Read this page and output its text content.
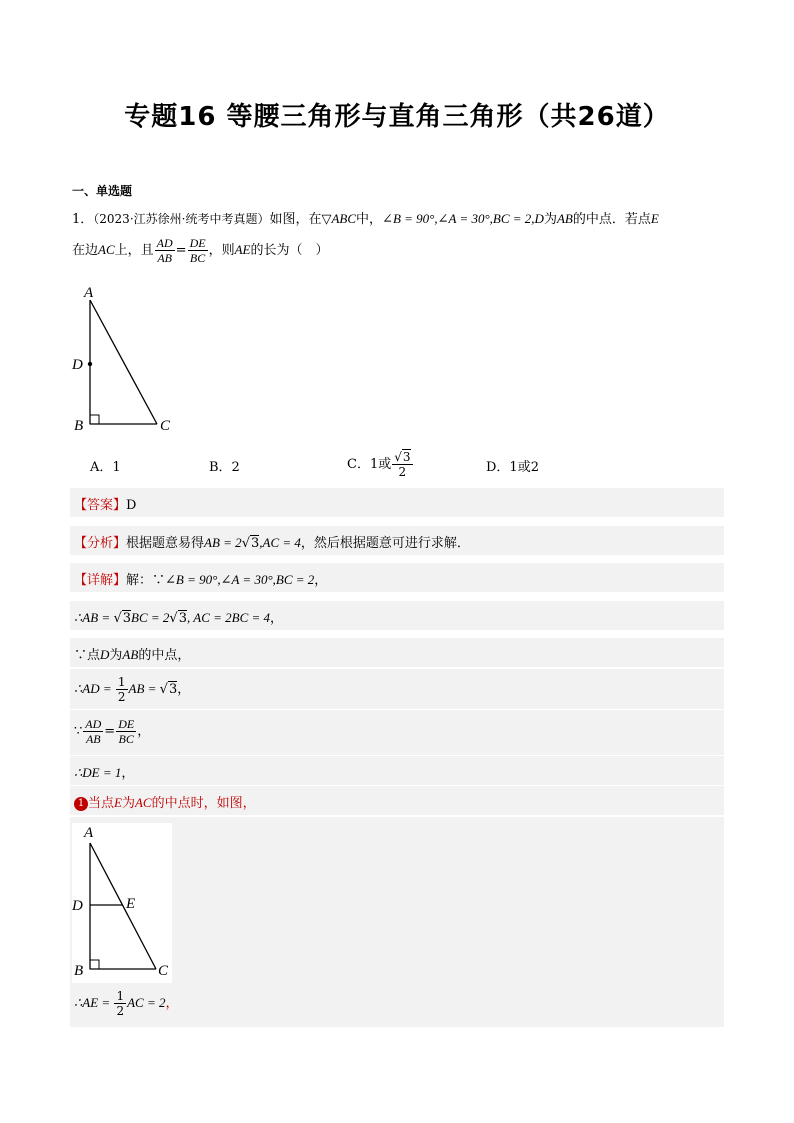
专题16 等腰三角形与直角三角形（共26道）
一、单选题
1．（2023·江苏徐州·统考中考真题）如图，在▽ABC中，∠B = 90°,∠A = 30°,BC = 2,D为AB的中点．若点E
在边AC上，且 $\frac{AD}{AB} = \frac{DE}{BC}$ ，则AE的长为（　）
A
D
B	C
A．1	B．2	C．1或 $\frac{√3}{2}$	D．1或2
【答案】D
【分析】根据题意易得AB = 2√3,AC = 4，然后根据题意可进行求解．
【详解】解：∵∠B = 90°,∠A = 30°,BC = 2，
∴AB = √3BC = 2√3, AC = 2BC = 4，
∵点D为AB的中点，
∴AD = $\frac{1}{2}$ AB = √3，
∵ $\frac{AD}{AB} = \frac{DE}{BC}$ ，
∴DE = 1，
1 当点E为AC的中点时，如图，
A
D	E
B	C
∴AE = $\frac{1}{2}$ AC = 2，
